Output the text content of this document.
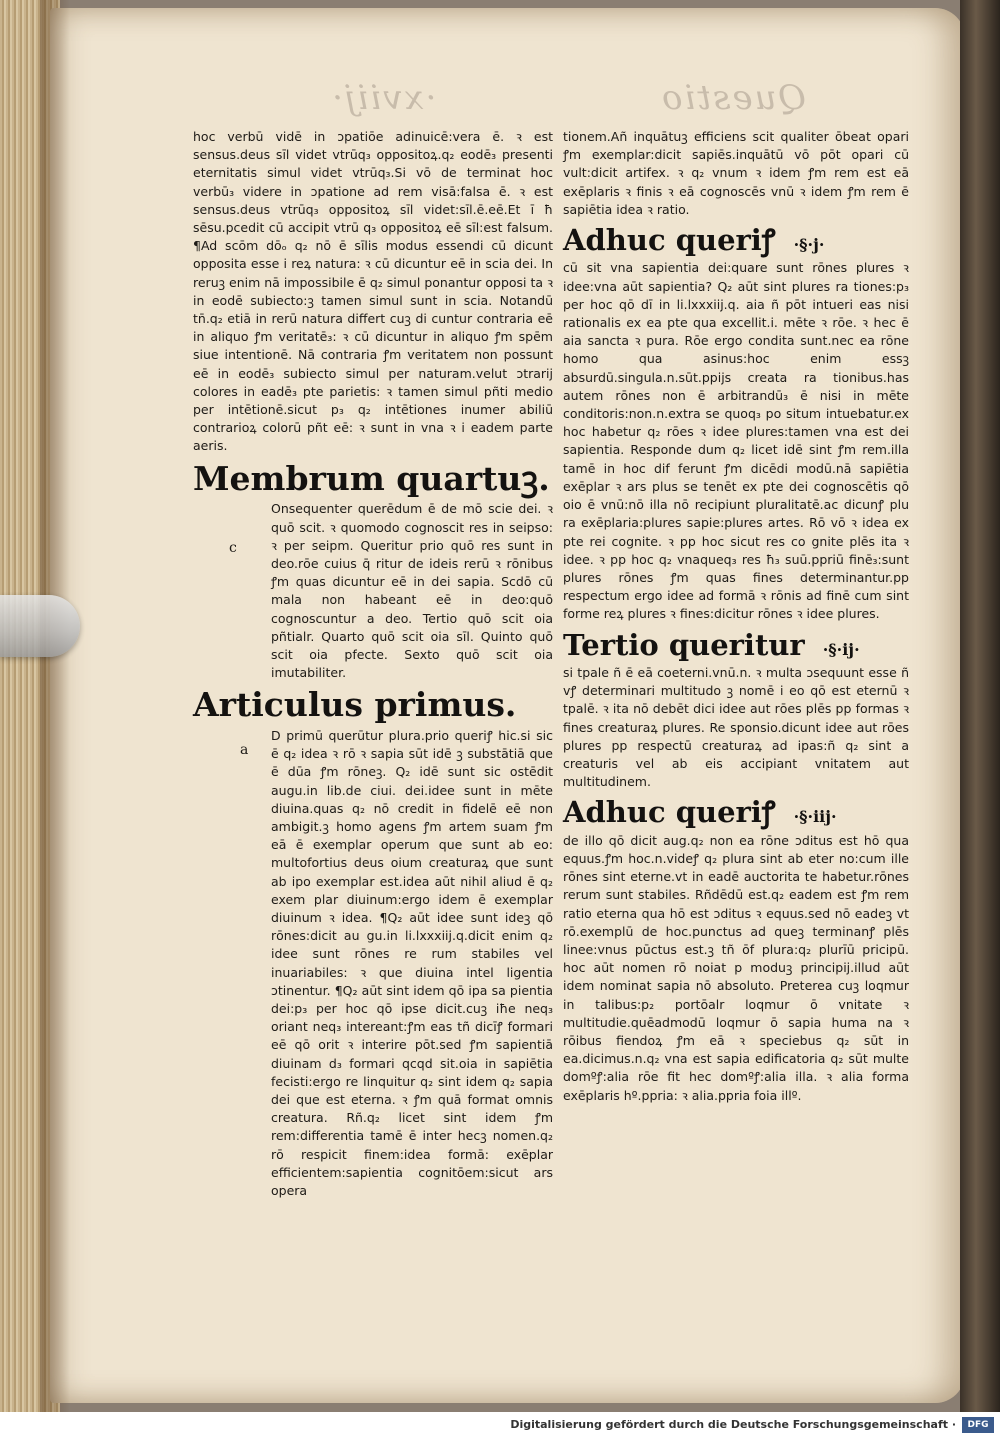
·xviij·	Questio

hoc verbū vidē in ɔpatiōe adinuicē:vera ē. ꝛ est sensus.deus sīl videt vtrūq₃ oppositoꝝ.q₂ eodē₃ presenti eternitatis simul videt vtrūq₃.Si vō de terminat hoc verbū₃ videre in ɔpatione ad rem visā:falsa ē. ꝛ est sensus.deus vtrūq₃ oppositoꝝ sīl videt:sīl.ē.eē.Et ī ħ sēsu.pcedit cū accipit vtrū q₃ oppositoꝝ eē sīl:est falsum. ¶Ad scōm dōₒ q₂ nō ē sīlis modus essendi cū dicunt opposita esse i reꝝ natura: ꝛ cū dicuntur eē in scia dei. In reruꝫ enim nā impossibile ē q₂ simul ponantur opposi ta ꝛ in eodē subiecto:ꝫ tamen simul sunt in scia. Notandū tn̄.q₂ etiā in rerū natura differt cuꝫ di cuntur contraria eē in aliquo ꝭm veritatē₃: ꝛ cū dicuntur in aliquo ꝭm spēm siue intentionē. Nā contraria ꝭm veritatem non possunt eē in eodē₃ subiecto simul per naturam.velut ɔtrarij colores in eadē₃ pte parietis: ꝛ tamen simul pñti medio per intētionē.sicut p₃ q₂ intētiones inumer abiliū contrarioꝝ colorū pñt eē: ꝛ sunt in vna ꝛ i eadem parte aeris.

Membrum quartuꝫ.

Onsequenter querēdum ē de mō scie dei. ꝛ quō scit. ꝛ quomodo cognoscit res in seipso: ꝛ per seipm. Queritur prio quō res sunt in deo.rōe cuius q̄ ritur de ideis rerū ꝛ rōnibus ꝭm quas dicuntur eē in dei sapia. Scdō cū mala non habeant eē in deo:quō cognoscuntur a deo. Tertio quō scit oia pñtialr. Quarto quō scit oia sīl. Quinto quō scit oia pfecte. Sexto quō scit oia imutabiliter.

Articulus primus.

D primū querūtur plura.prio queriꝭ hic.si sic ē q₂ idea ꝛ rō ꝛ sapia sūt idē ꝫ substātiā que ē dūa ꝭm rōneꝫ. Q₂ idē sunt sic ostēdit augu.in lib.de ciui. dei.idee sunt in mēte diuina.quas q₂ nō credit in fidelē eē non ambigit.ꝫ homo agens ꝭm artem suam ꝭm eā ē exemplar operum que sunt ab eo: multofortius deus oium creaturaꝝ que sunt ab ipo exemplar est.idea aūt nihil aliud ē q₂ exem plar diuinum:ergo idem ē exemplar diuinum ꝛ idea. ¶Q₂ aūt idee sunt ideꝫ qō rōnes:dicit au gu.in li.lxxxiij.q.dicit enim q₂ idee sunt rōnes re rum stabiles vel inuariabiles: ꝛ que diuina intel ligentia ɔtinentur. ¶Q₂ aūt sint idem qō ipa sa pientia dei:p₃ per hoc qō ipse dicit.cuꝫ iħe neq₃ oriant neq₃ intereant:ꝭm eas tñ dicīꝭ formari eē qō orit ꝛ interire pōt.sed ꝭm sapientiā diuinam d₃ formari qcqd sit.oia in sapiētia fecisti:ergo re linquitur q₂ sint idem q₂ sapia dei que est eterna. ꝛ ꝭm quā format omnis creatura. Rñ.q₂ licet sint idem ꝭm rem:differentia tamē ē inter hecꝫ nomen.q₂ rō respicit finem:idea formā: exēplar efficientem:sapientia cognitōem:sicut ars opera

c
a

tionem.Añ inquātuꝫ efficiens scit qualiter ōbeat opari ꝭm exemplar:dicit sapiēs.inquātū vō pōt opari cū vult:dicit artifex. ꝛ q₂ vnum ꝛ idem ꝭm rem est eā exēplaris ꝛ finis ꝛ eā cognoscēs vnū ꝛ idem ꝭm rem ē sapiētia idea ꝛ ratio.

Adhuc queriꝭ ·§·j·

cū sit vna sapientia dei:quare sunt rōnes plures ꝛ idee:vna aūt sapientia? Q₂ aūt sint plures ra tiones:p₃ per hoc qō dī in li.lxxxiij.q. aia ñ pōt intueri eas nisi rationalis ex ea pte qua excellit.i. mēte ꝛ rōe. ꝛ hec ē aia sancta ꝛ pura. Rōe ergo condita sunt.nec ea rōne homo qua asinus:hoc enim essꝫ absurdū.singula.n.sūt.ppijs creata ra tionibus.has autem rōnes non ē arbitrandū₃ ē nisi in mēte conditoris:non.n.extra se quoq₃ po situm intuebatur.ex hoc habetur q₂ rōes ꝛ idee plures:tamen vna est dei sapientia. Responde dum q₂ licet idē sint ꝭm rem.illa tamē in hoc dif ferunt ꝭm dicēdi modū.nā sapiētia exēplar ꝛ ars plus se tenēt ex pte dei cognoscētis qō oio ē vnū:nō illa nō recipiunt pluralitatē.ac dicunꝭ plu ra exēplaria:plures sapie:plures artes. Rō vō ꝛ idea ex pte rei cognite. ꝛ pp hoc sicut res co gnite plēs ita ꝛ idee. ꝛ pp hoc q₂ vnaqueq₃ res ħ₃ suū.ppriū finē₃:sunt plures rōnes ꝭm quas fines determinantur.pp respectum ergo idee ad formā ꝛ rōnis ad finē cum sint forme reꝝ plures ꝛ fines:dicitur rōnes ꝛ idee plures.

Tertio queritur ·§·ij·

si tpale ñ ē eā coeterni.vnū.n. ꝛ multa ɔsequunt esse ñ vꝭ determinari multitudo ꝫ nomē i eo qō est eternū ꝛ tpalē. ꝛ ita nō debēt dici idee aut rōes plēs pp formas ꝛ fines creaturaꝝ plures. Re sponsio.dicunt idee aut rōes plures pp respectū creaturaꝝ ad ipas:ñ q₂ sint a creaturis vel ab eis accipiant vnitatem aut multitudinem.

Adhuc queriꝭ ·§·iij·

de illo qō dicit aug.q₂ non ea rōne ɔditus est hō qua equus.ꝭm hoc.n.videꝭ q₂ plura sint ab eter no:cum ille rōnes sint eterne.vt in eadē auctorita te habetur.rōnes rerum sunt stabiles. Rñdēdū est.q₂ eadem est ꝭm rem ratio eterna qua hō est ɔditus ꝛ equus.sed nō eadeꝫ vt rō.exemplū de hoc.punctus ad queꝫ terminanꝭ plēs linee:vnus pūctus est.ꝫ tñ ōf plura:q₂ plurīū pricipū. hoc aūt nomen rō noiat p moduꝫ principij.illud aūt idem nominat sapia nō absoluto. Preterea cuꝫ loqmur in talibus:p₂ portōalr loqmur ō vnitate ꝛ multitudie.quēadmodū loqmur ō sapia huma na ꝛ rōibus fiendoꝝ ꝭm eā ꝛ speciebus q₂ sūt in ea.dicimus.n.q₂ vna est sapia edificatoria q₂ sūt multe domºꝭ:alia rōe fit hec domºꝭ:alia illa. ꝛ alia forma exēplaris hº.ppria: ꝛ alia.ppria foia illº.

Digitalisierung gefördert durch die Deutsche Forschungsgemeinschaft ·	DFG
